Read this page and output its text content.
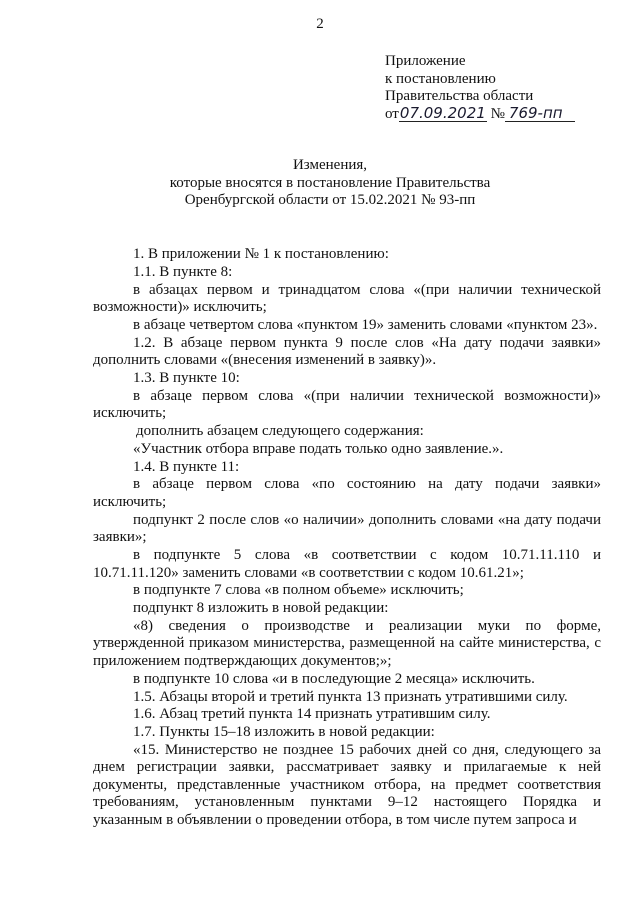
2
Приложение
к постановлению
Правительства области
от07.09.2021 № 769-пп
Изменения,
которые вносятся в постановление Правительства
Оренбургской области от 15.02.2021 № 93-пп

1. В приложении № 1 к постановлению:

1.1. В пункте 8:

в абзацах первом и тринадцатом слова «(при наличии технической возможности)» исключить;

в абзаце четвертом слова «пунктом 19» заменить словами «пунктом 23».

1.2. В абзаце первом пункта 9 после слов «На дату подачи заявки» дополнить словами «(внесения изменений в заявку)».

1.3. В пункте 10:

в абзаце первом слова «(при наличии технической возможности)» исключить;

дополнить абзацем следующего содержания:

«Участник отбора вправе подать только одно заявление.».

1.4. В пункте 11:

в абзаце первом слова «по состоянию на дату подачи заявки» исключить;

подпункт 2 после слов «о наличии» дополнить словами «на дату подачи заявки»;

в подпункте 5 слова «в соответствии с кодом 10.71.11.110 и 10.71.11.120» заменить словами «в соответствии с кодом 10.61.21»;

в подпункте 7 слова «в полном объеме» исключить;

подпункт 8 изложить в новой редакции:

«8) сведения о производстве и реализации муки по форме, утвержденной приказом министерства, размещенной на сайте министерства, с приложением подтверждающих документов;»;

в подпункте 10 слова «и в последующие 2 месяца» исключить.

1.5. Абзацы второй и третий пункта 13 признать утратившими силу.

1.6. Абзац третий пункта 14 признать утратившим силу.

1.7. Пункты 15–18 изложить в новой редакции:

«15. Министерство не позднее 15 рабочих дней со дня, следующего за днем регистрации заявки, рассматривает заявку и прилагаемые к ней документы, представленные участником отбора, на предмет соответствия требованиям, установленным пунктами 9–12 настоящего Порядка и указанным в объявлении о проведении отбора, в том числе путем запроса и
